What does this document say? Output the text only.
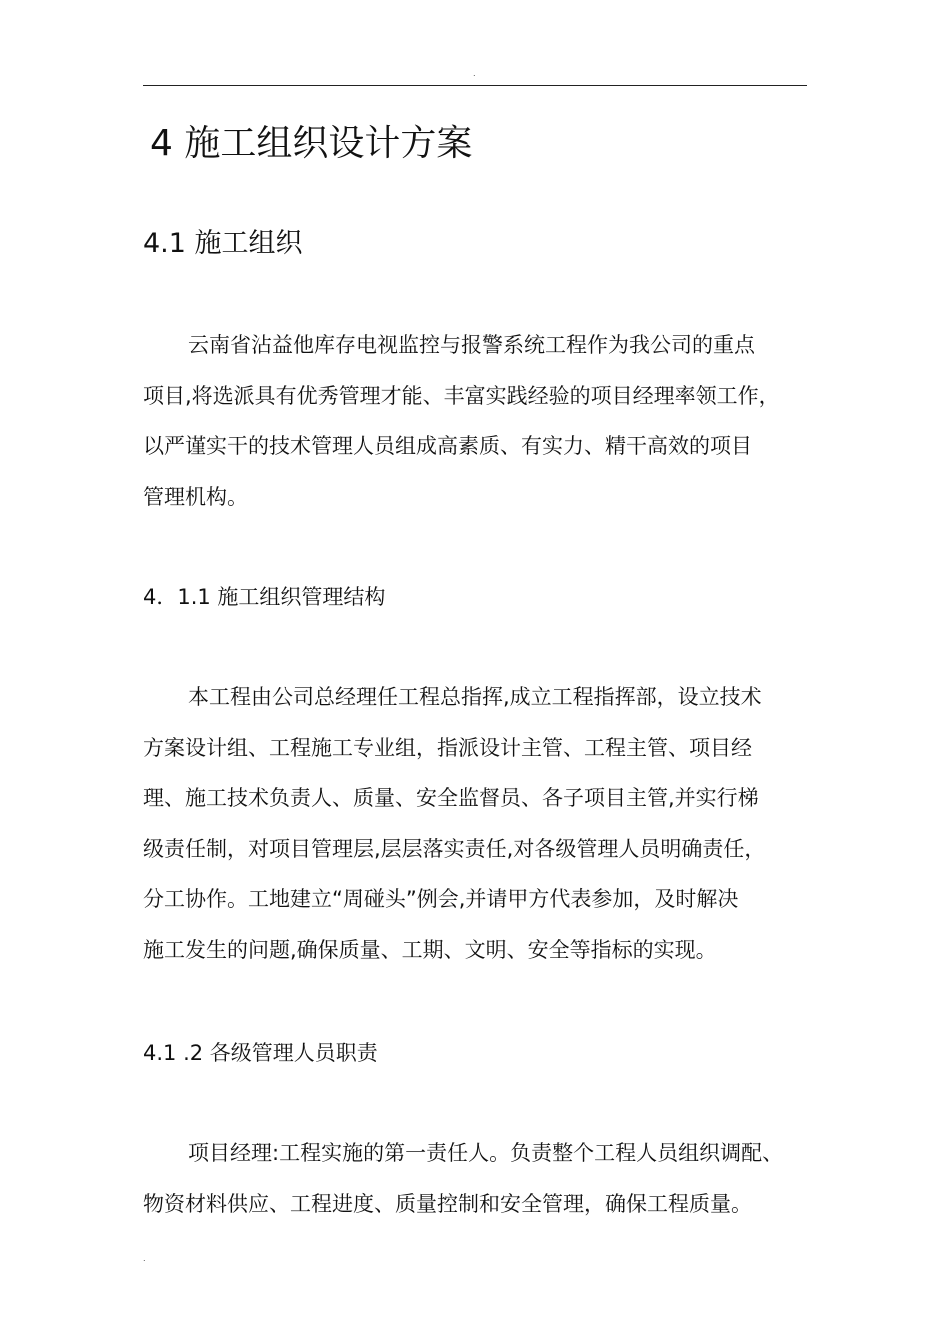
.
4 施工组织设计方案
4.1 施工组织
云南省沾益他库存电视监控与报警系统工程作为我公司的重点
项目,将选派具有优秀管理才能、丰富实践经验的项目经理率领工作，
以严谨实干的技术管理人员组成高素质、有实力、精干高效的项目
管理机构。
4．1.1 施工组织管理结构
本工程由公司总经理任工程总指挥,成立工程指挥部，设立技术
方案设计组、工程施工专业组，指派设计主管、工程主管、项目经
理、施工技术负责人、质量、安全监督员、各子项目主管,并实行梯
级责任制，对项目管理层,层层落实责任,对各级管理人员明确责任，
分工协作。工地建立“周碰头”例会,并请甲方代表参加，及时解决
施工发生的问题,确保质量、工期、文明、安全等指标的实现。
4.1 .2 各级管理人员职责
项目经理:工程实施的第一责任人。负责整个工程人员组织调配、
物资材料供应、工程进度、质量控制和安全管理，确保工程质量。
.
